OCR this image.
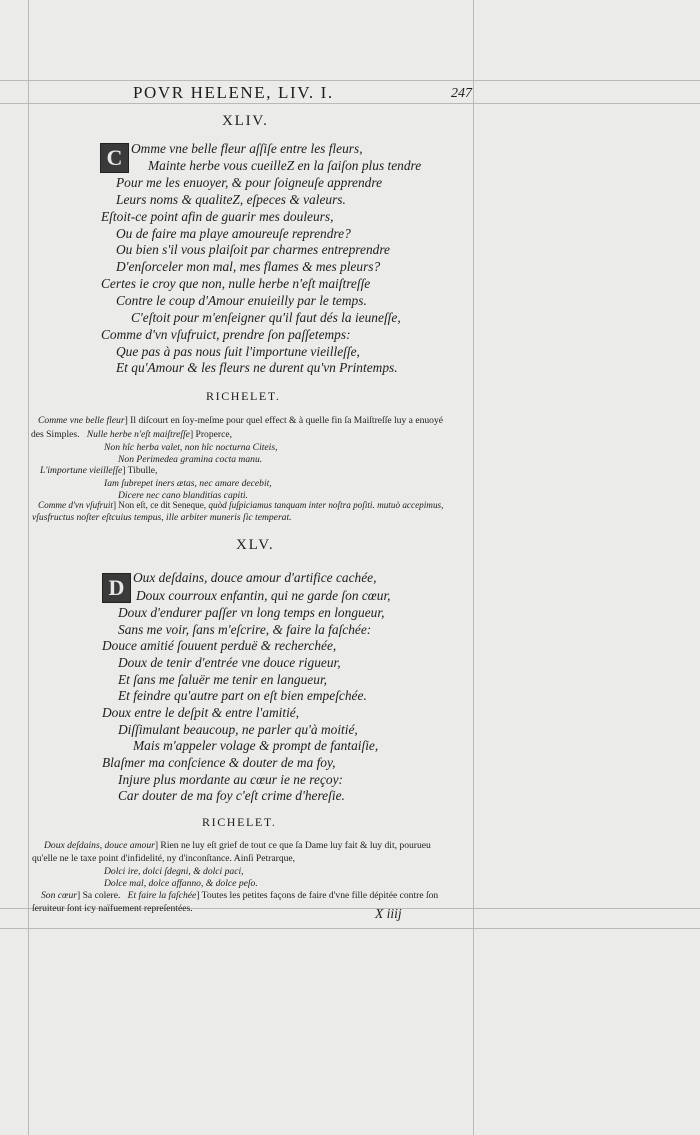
POVR HELENE, LIV. I.	247
XLIV.
C Omme vne belle fleur aſſiſe entre les fleurs,
Mainte herbe vous cueilleZ en la ſaiſon plus tendre
Pour me les enuoyer, & pour ſoigneuſe apprendre
Leurs noms & qualiteZ, eſpeces & valeurs.
Eſtoit-ce point afin de guarir mes douleurs,
Ou de faire ma playe amoureuſe reprendre?
Ou bien s'il vous plaiſoit par charmes entreprendre
D'enſorceler mon mal, mes flames & mes pleurs?
Certes ie croy que non, nulle herbe n'eſt maiſtreſſe
Contre le coup d'Amour enuieilly par le temps.
C'eſtoit pour m'enſeigner qu'il faut dés la ieuneſſe,
Comme d'vn vſufruict, prendre ſon paſſetemps:
Que pas à pas nous ſuit l'importune vieilleſſe,
Et qu'Amour & les fleurs ne durent qu'vn Printemps.
RICHELET.
Comme vne belle fleur] Il diſcourt en ſoy-meſme pour quel effect & à quelle fin ſa Maiſtreſſe luy a enuoyé
des Simples. Nulle herbe n'eſt maiſtreſſe] Properce,
Non hîc herba valet, non hîc nocturna Citeis,
Non Perimedea gramina cocta manu.
L'importune vieilleſſe] Tibulle,
Iam ſubrepet iners ætas, nec amare decebit,
Dicere nec cano blanditias capiti.
Comme d'vn vſufruit] Non eſt, ce dit Seneque, quòd ſuſpiciamus tanquam inter noſtra poſiti. mutuò accepimus,
vſusfructus noſter eſtcuius tempus, ille arbiter muneris ſic temperat.
XLV.
D Oux deſdains, douce amour d'artifice cachée,
Doux courroux enfantin, qui ne garde ſon cœur,
Doux d'endurer paſſer vn long temps en longueur,
Sans me voir, ſans m'eſcrire, & faire la faſchée:
Douce amitié ſouuent perduë & recherchée,
Doux de tenir d'entrée vne douce rigueur,
Et ſans me ſaluër me tenir en langueur,
Et feindre qu'autre part on eſt bien empeſchée.
Doux entre le deſpit & entre l'amitié,
Diſſimulant beaucoup, ne parler qu'à moitié,
Mais m'appeler volage & prompt de fantaiſie,
Blaſmer ma conſcience & douter de ma foy,
Injure plus mordante au cœur ie ne reçoy:
Car douter de ma foy c'eſt crime d'hereſie.
RICHELET.
Doux deſdains, douce amour] Rien ne luy eſt grief de tout ce que ſa Dame luy fait & luy dit, pourueu
qu'elle ne le taxe point d'infidelité, ny d'inconſtance. Ainſi Petrarque,
Dolci ire, dolci ſdegni, & dolci paci,
Dolce mal, dolce affanno, & dolce peſo.
Son cœur] Sa colere. Et faire la faſchée] Toutes les petites façons de faire d'vne fille dépitée contre ſon
ſeruiteur ſont icy naïfuement repreſentées.	X iiij
